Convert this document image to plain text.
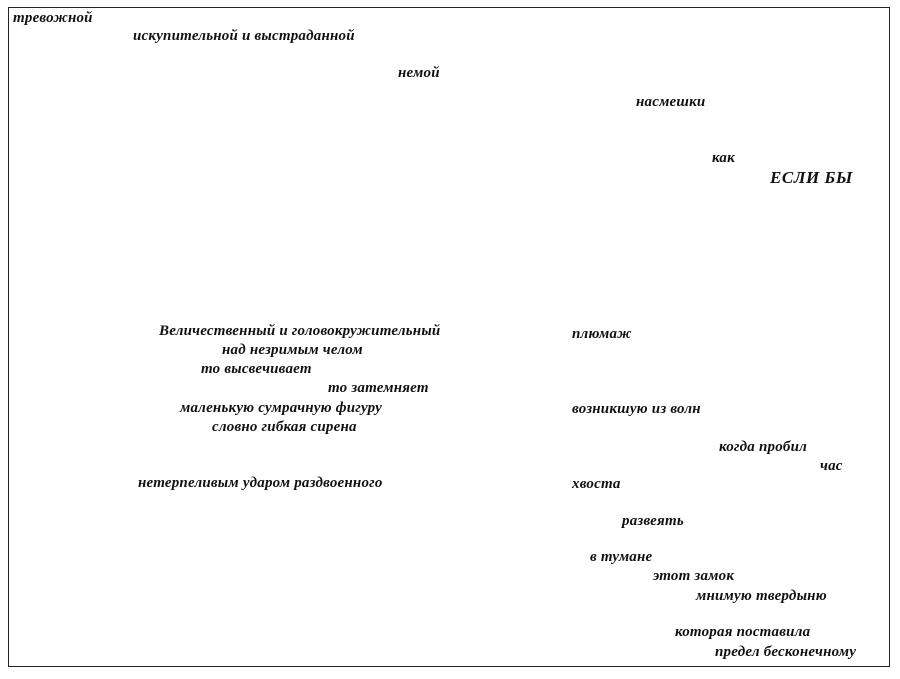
тревожной
искупительной и выстраданной
немой
насмешки
как
ЕСЛИ БЫ
Величественный и головокружительный
над незримым челом
то высвечивает
то затемняет
маленькую сумрачную фигуру
словно гибкая сирена
нетерпеливым ударом раздвоенного
плюмаж
возникшую из волн
когда пробил
час
хвоста
развеять
в тумане
этот замок
мнимую твердыню
которая поставила
предел бесконечному
